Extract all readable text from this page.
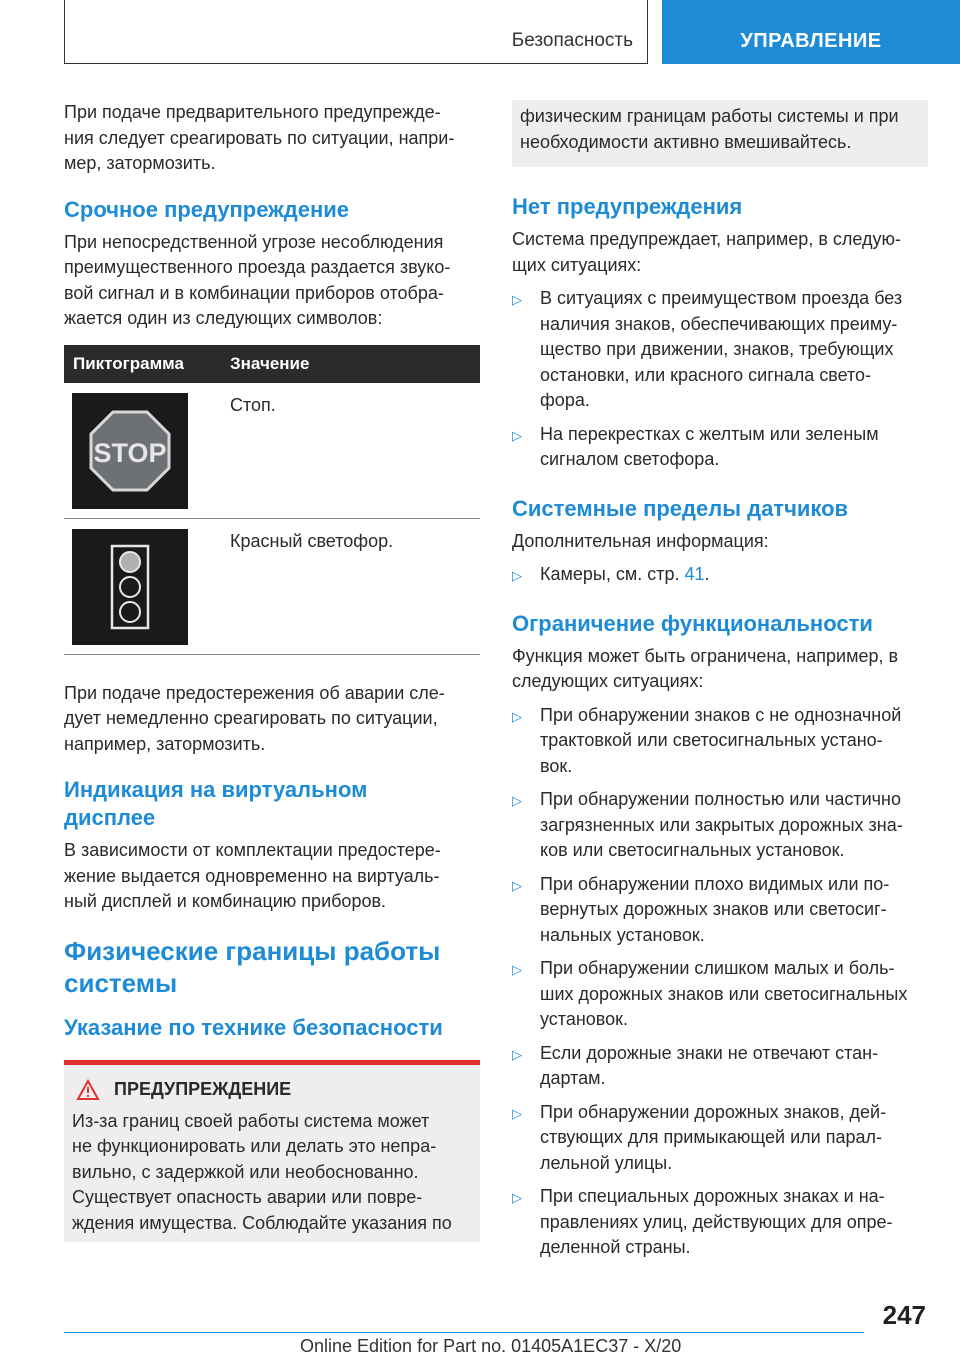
Безопасность	УПРАВЛЕНИЕ

При подаче предварительного предупрежде-
ния следует среагировать по ситуации, напри-
мер, затормозить.

Срочное предупреждение

При непосредственной угрозе несоблюдения
преимущественного проезда раздается звуко-
вой сигнал и в комбинации приборов отобра-
жается один из следующих символов:

Пиктограмма	Значение
STOP
Стоп.
Красный светофор.

При подаче предостережения об аварии сле-
дует немедленно среагировать по ситуации,
например, затормозить.

Индикация на виртуальном
дисплее

В зависимости от комплектации предостере-
жение выдается одновременно на виртуаль-
ный дисплей и комбинацию приборов.

Физические границы работы
системы
Указание по технике безопасности
ПРЕДУПРЕЖДЕНИЕ

Из-за границ своей работы система может
не функционировать или делать это непра-
вильно, с задержкой или необоснованно.
Существует опасность аварии или повре-
ждения имущества. Соблюдайте указания по

физическим границам работы системы и при
необходимости активно вмешивайтесь.

Нет предупреждения

Система предупреждает, например, в следую-
щих ситуациях:

▷ В ситуациях с преимуществом проезда без
наличия знаков, обеспечивающих преиму-
щество при движении, знаков, требующих
остановки, или красного сигнала свето-
фора.
▷ На перекрестках с желтым или зеленым
сигналом светофора.
Системные пределы датчиков

Дополнительная информация:

▷ Камеры, см. стр. 41.
Ограничение функциональности

Функция может быть ограничена, например, в
следующих ситуациях:

▷ При обнаружении знаков с не однозначной
трактовкой или светосигнальных устано-
вок.
▷ При обнаружении полностью или частично
загрязненных или закрытых дорожных зна-
ков или светосигнальных установок.
▷ При обнаружении плохо видимых или по-
вернутых дорожных знаков или светосиг-
нальных установок.
▷ При обнаружении слишком малых и боль-
ших дорожных знаков или светосигнальных
установок.
▷ Если дорожные знаки не отвечают стан-
дартам.
▷ При обнаружении дорожных знаков, дей-
ствующих для примыкающей или парал-
лельной улицы.
▷ При специальных дорожных знаках и на-
правлениях улиц, действующих для опре-
деленной страны.
247
Online Edition for Part no. 01405A1EC37 - X/20
